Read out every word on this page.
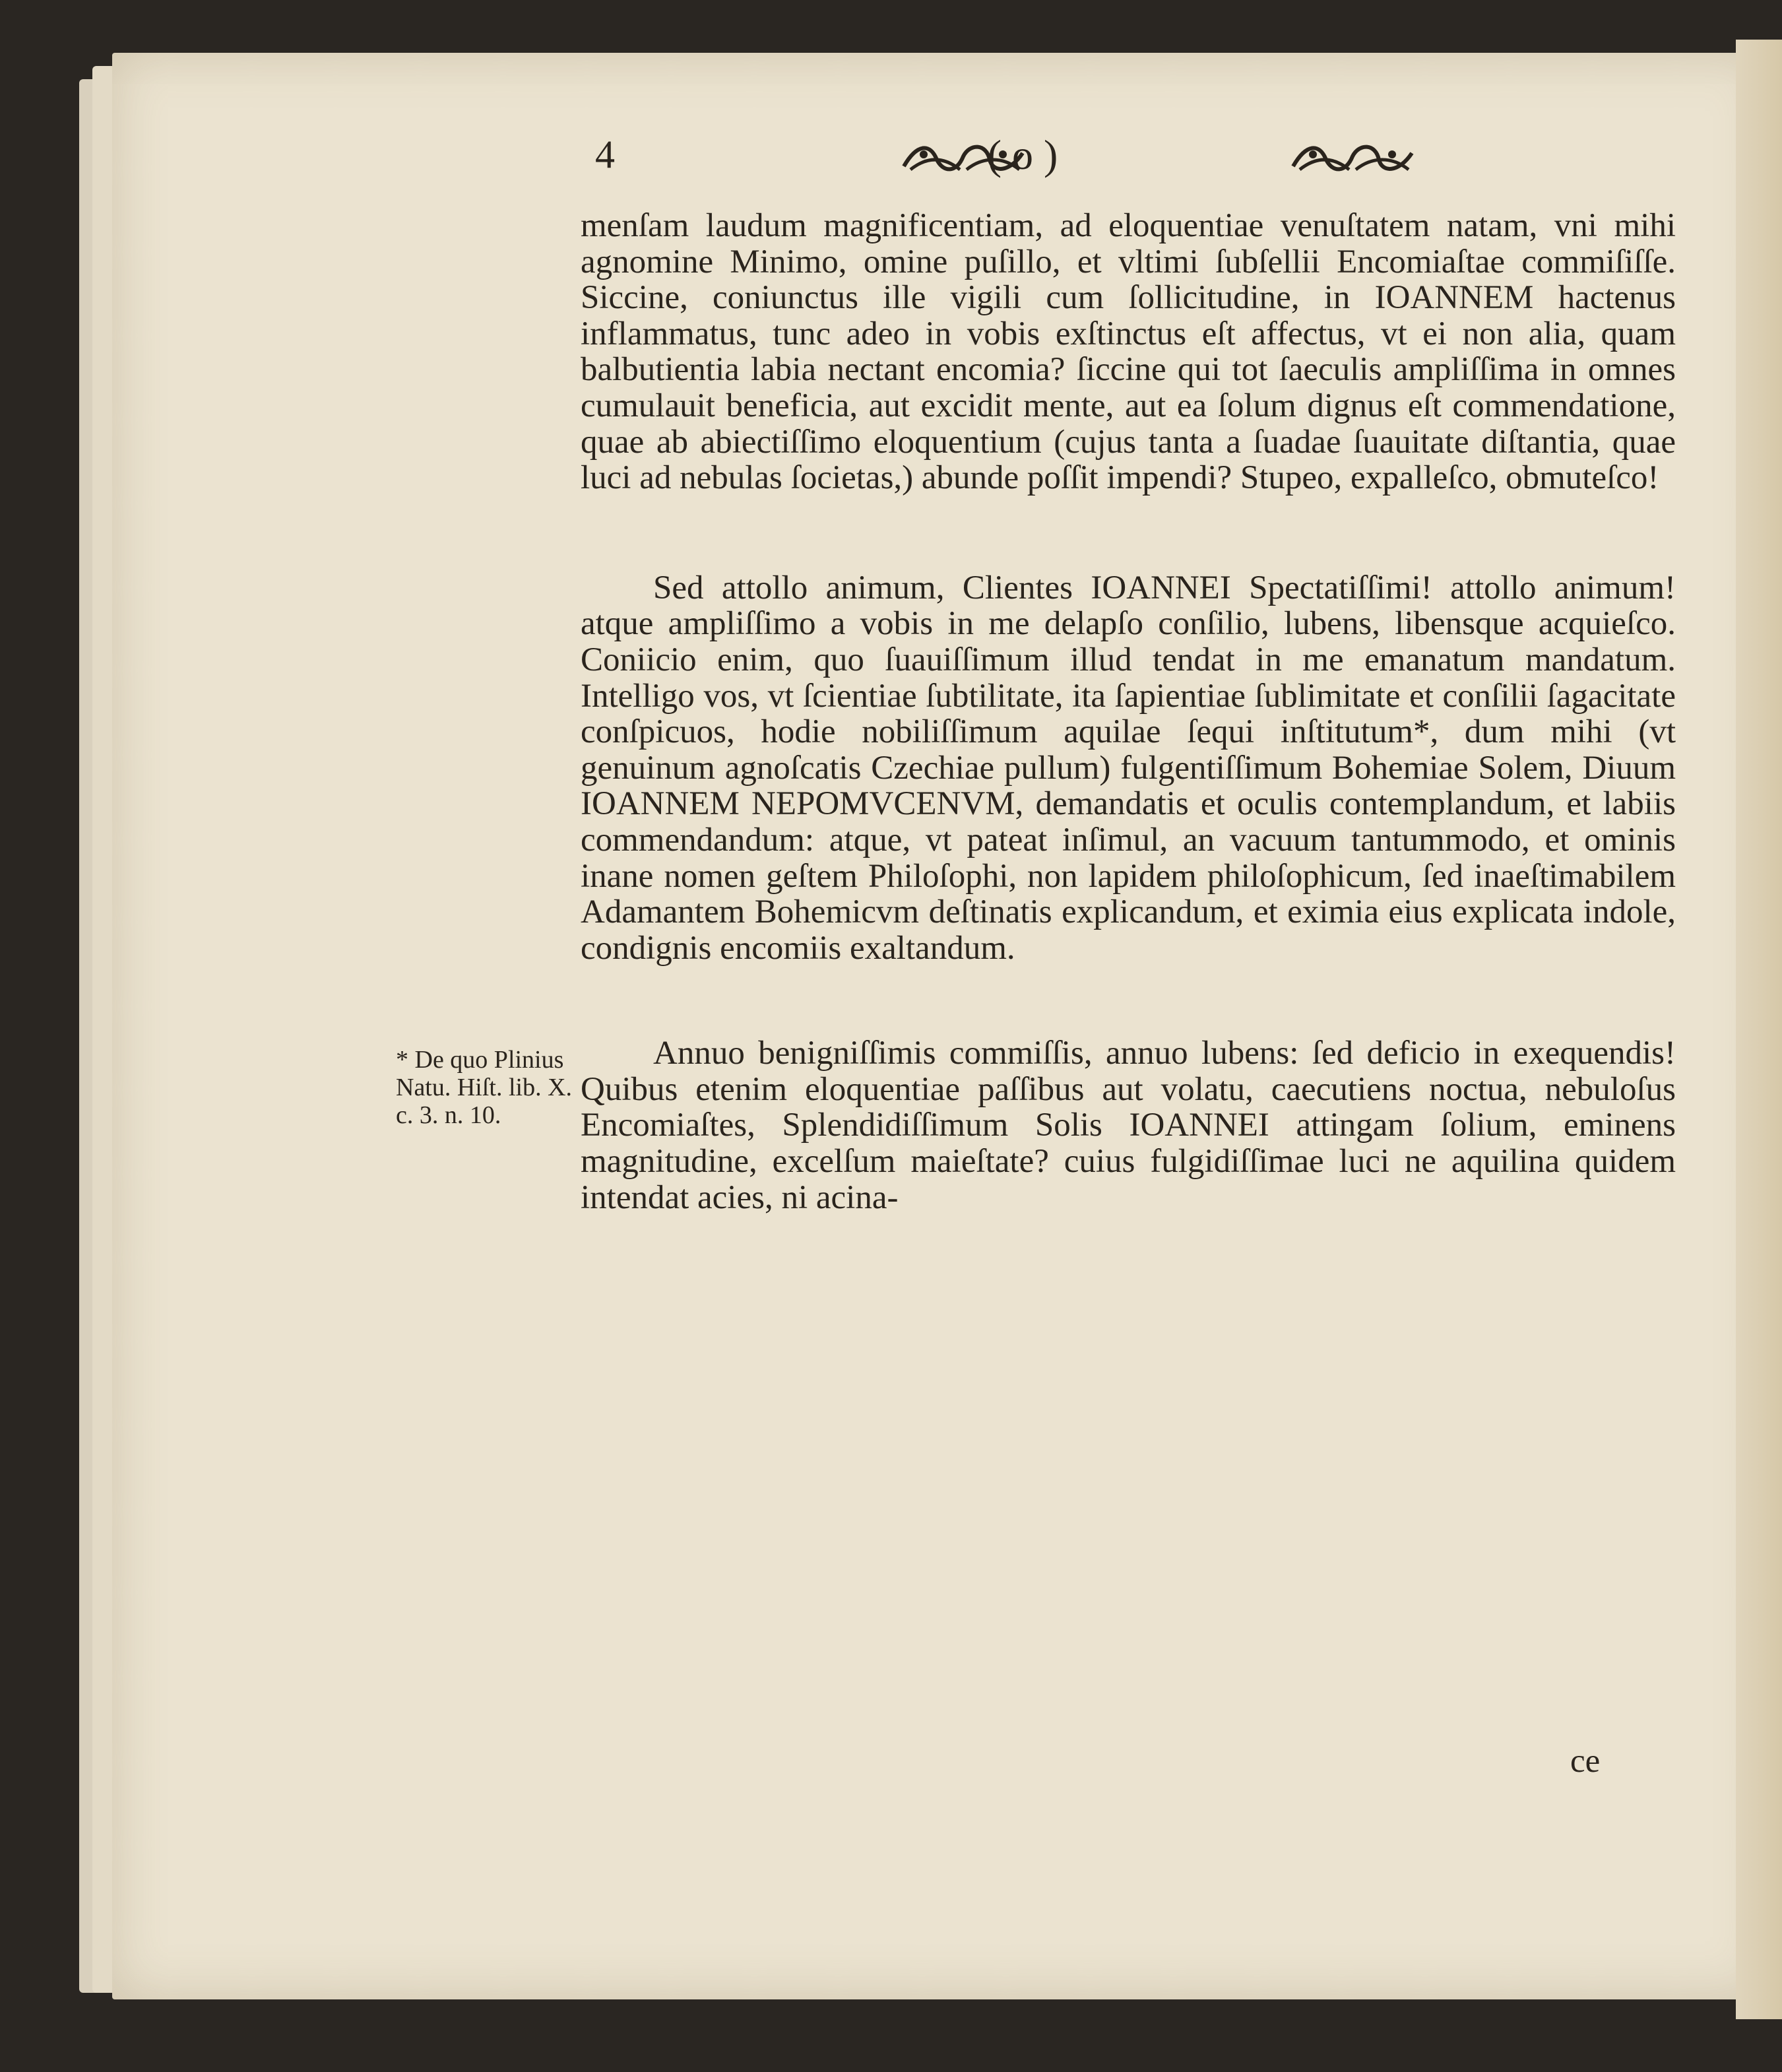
4	( o )

menſam laudum magnificentiam, ad eloquentiae venuſtatem natam, vni mihi agnomine Minimo, omine puſillo, et vltimi ſubſellii Encomiaſtae commiſiſſe. Siccine, coniunctus ille vigili cum ſollicitudine, in IOANNEM hactenus inflammatus, tunc adeo in vobis exſtinctus eſt affectus, vt ei non alia, quam balbutientia labia nectant encomia? ſiccine qui tot ſaeculis ampliſſima in omnes cumulauit beneficia, aut excidit mente, aut ea ſolum dignus eſt commendatione, quae ab abiectiſſimo eloquentium (cujus tanta a ſuadae ſuauitate diſtantia, quae luci ad nebulas ſocietas,) abunde poſſit impendi? Stupeo, expalleſco, obmuteſco!

Sed attollo animum, Clientes IOANNEI Spectatiſſimi! attollo animum! atque ampliſſimo a vobis in me delapſo conſilio, lubens, libensque acquieſco. Coniicio enim, quo ſuauiſſimum illud tendat in me emanatum mandatum. Intelligo vos, vt ſcientiae ſubtilitate, ita ſapientiae ſublimitate et conſilii ſagacitate conſpicuos, hodie nobiliſſimum aquilae ſequi inſtitutum*, dum mihi (vt genuinum agnoſcatis Czechiae pullum) fulgentiſſimum Bohemiae Solem, Diuum IOANNEM NEPOMVCENVM, demandatis et oculis contemplandum, et labiis commendandum: atque, vt pateat inſimul, an vacuum tantummodo, et ominis inane nomen geſtem Philoſophi, non lapidem philoſophicum, ſed inaeſtimabilem Adamantem Bohemicvm deſtinatis explicandum, et eximia eius explicata indole, condignis encomiis exaltandum.

Annuo benigniſſimis commiſſis, annuo lubens: ſed deficio in exequendis! Quibus etenim eloquentiae paſſibus aut volatu, caecutiens noctua, nebuloſus Encomiaſtes, Splendidiſſimum Solis IOANNEI attingam ſolium, eminens magnitudine, excelſum maieſtate? cuius fulgidiſſimae luci ne aquilina quidem intendat acies, ni acina-

* De quo Plinius Natu. Hiſt. lib. X. c. 3. n. 10.
ce
